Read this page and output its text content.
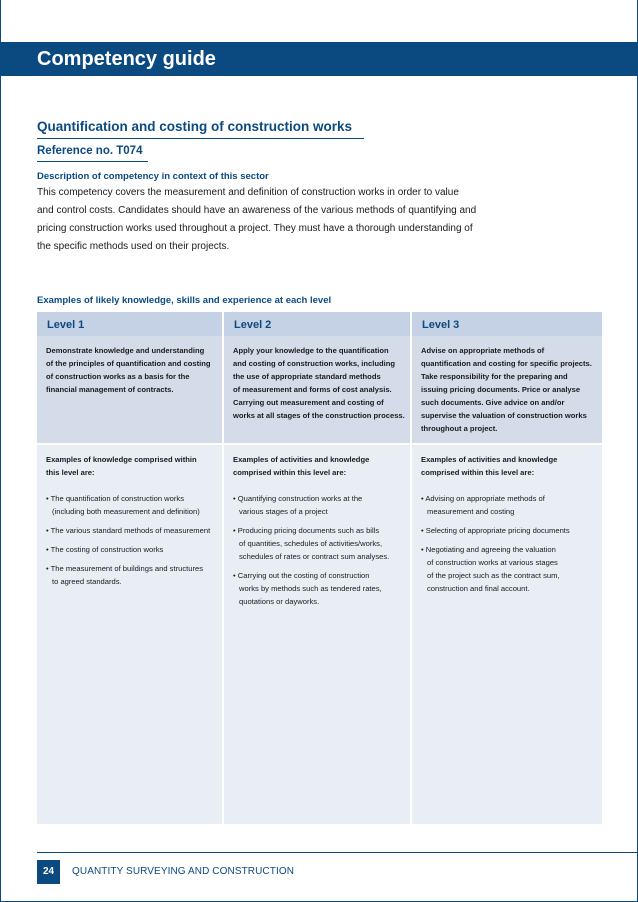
Competency guide
Quantification and costing of construction works
Reference no. T074
Description of competency in context of this sector
This competency covers the measurement and definition of construction works in order to value
and control costs. Candidates should have an awareness of the various methods of quantifying and
pricing construction works used throughout a project. They must have a thorough understanding of
the specific methods used on their projects.
Examples of likely knowledge, skills and experience at each level
Level 1
Demonstrate knowledge and understanding
of the principles of quantification and costing
of construction works as a basis for the
financial management of contracts.
Examples of knowledge comprised within
this level are:
• The quantification of construction works
(including both measurement and definition)
• The various standard methods of measurement
• The costing of construction works
• The measurement of buildings and structures
to agreed standards.
Level 2
Apply your knowledge to the quantification
and costing of construction works, including
the use of appropriate standard methods
of measurement and forms of cost analysis.
Carrying out measurement and costing of
works at all stages of the construction process.
Examples of activities and knowledge
comprised within this level are:
• Quantifying construction works at the
various stages of a project
• Producing pricing documents such as bills
of quantities, schedules of activities/works,
schedules of rates or contract sum analyses.
• Carrying out the costing of construction
works by methods such as tendered rates,
quotations or dayworks.
Level 3
Advise on appropriate methods of
quantification and costing for specific projects.
Take responsibility for the preparing and
issuing pricing documents. Price or analyse
such documents. Give advice on and/or
supervise the valuation of construction works
throughout a project.
Examples of activities and knowledge
comprised within this level are:
• Advising on appropriate methods of
measurement and costing
• Selecting of appropriate pricing documents
• Negotiating and agreeing the valuation
of construction works at various stages
of the project such as the contract sum,
construction and final account.
24	QUANTITY SURVEYING AND CONSTRUCTION
